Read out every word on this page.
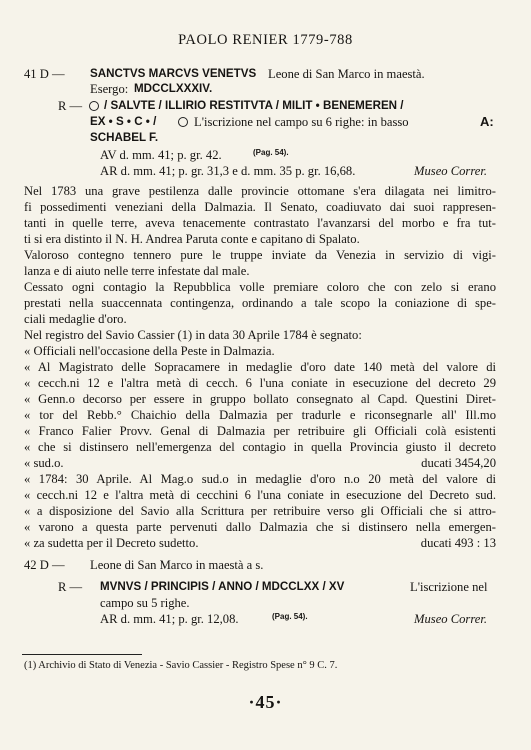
PAOLO RENIER 1779-788
41 D — SANCTVS MARCVS VENETVS Leone di San Marco in maestà.
Esergo: MDCCLXXXIV.
R — / SALVTE / ILLIRIO RESTITVTA / MILIT • BENEMEREN /
EX • S • C • /	L'iscrizione nel campo su 6 righe: in basso	A:
SCHABEL F.
AV d. mm. 41; p. gr. 42.	(Pag. 54).
AR d. mm. 41; p. gr. 31,3 e d. mm. 35 p. gr. 16,68.	Museo Correr.
Nel 1783 una grave pestilenza dalle provincie ottomane s'era dilagata nei limitro-
fi possedimenti veneziani della Dalmazia. Il Senato, coadiuvato dai suoi rappresen-
tanti in quelle terre, aveva tenacemente contrastato l'avanzarsi del morbo e fra tut-
ti si era distinto il N. H. Andrea Paruta conte e capitano di Spalato.
Valoroso contegno tennero pure le truppe inviate da Venezia in servizio di vigi-
lanza e di aiuto nelle terre infestate dal male.
Cessato ogni contagio la Repubblica volle premiare coloro che con zelo si erano
prestati nella suaccennata contingenza, ordinando a tale scopo la coniazione di spe-
ciali medaglie d'oro.
Nel registro del Savio Cassier (1) in data 30 Aprile 1784 è segnato:
« Officiali nell'occasione della Peste in Dalmazia.
« Al Magistrato delle Sopracamere in medaglie d'oro date 140 metà del valore di
« cecch.ni 12 e l'altra metà di cecch. 6 l'una coniate in esecuzione del decreto 29
« Genn.o decorso per essere in gruppo bollato consegnato al Capd. Questini Diret-
« tor del Rebb.° Chaichio della Dalmazia per tradurle e riconsegnarle all' Ill.mo
« Franco Falier Provv. Genal di Dalmazia per retribuire gli Officiali colà esistenti
« che si distinsero nell'emergenza del contagio in quella Provincia giusto il decreto
« sud.o.	ducati 3454,20
« 1784: 30 Aprile. Al Mag.o sud.o in medaglie d'oro n.o 20 metà del valore di
« cecch.ni 12 e l'altra metà di cecchini 6 l'una coniate in esecuzione del Decreto sud.
« a disposizione del Savio alla Scrittura per retribuire verso gli Officiali che si attro-
« varono a questa parte pervenuti dallo Dalmazia che si distinsero nella emergen-
« za sudetta per il Decreto sudetto.	ducati 493 : 13
42 D — Leone di San Marco in maestà a s.
R — MVNVS / PRINCIPIS / ANNO / MDCCLXX / XV	L'iscrizione nel
campo su 5 righe.
AR d. mm. 41; p. gr. 12,08.	(Pag. 54).	Museo Correr.
(1) Archivio di Stato di Venezia - Savio Cassier - Registro Spese n° 9 C. 7.
·45·
